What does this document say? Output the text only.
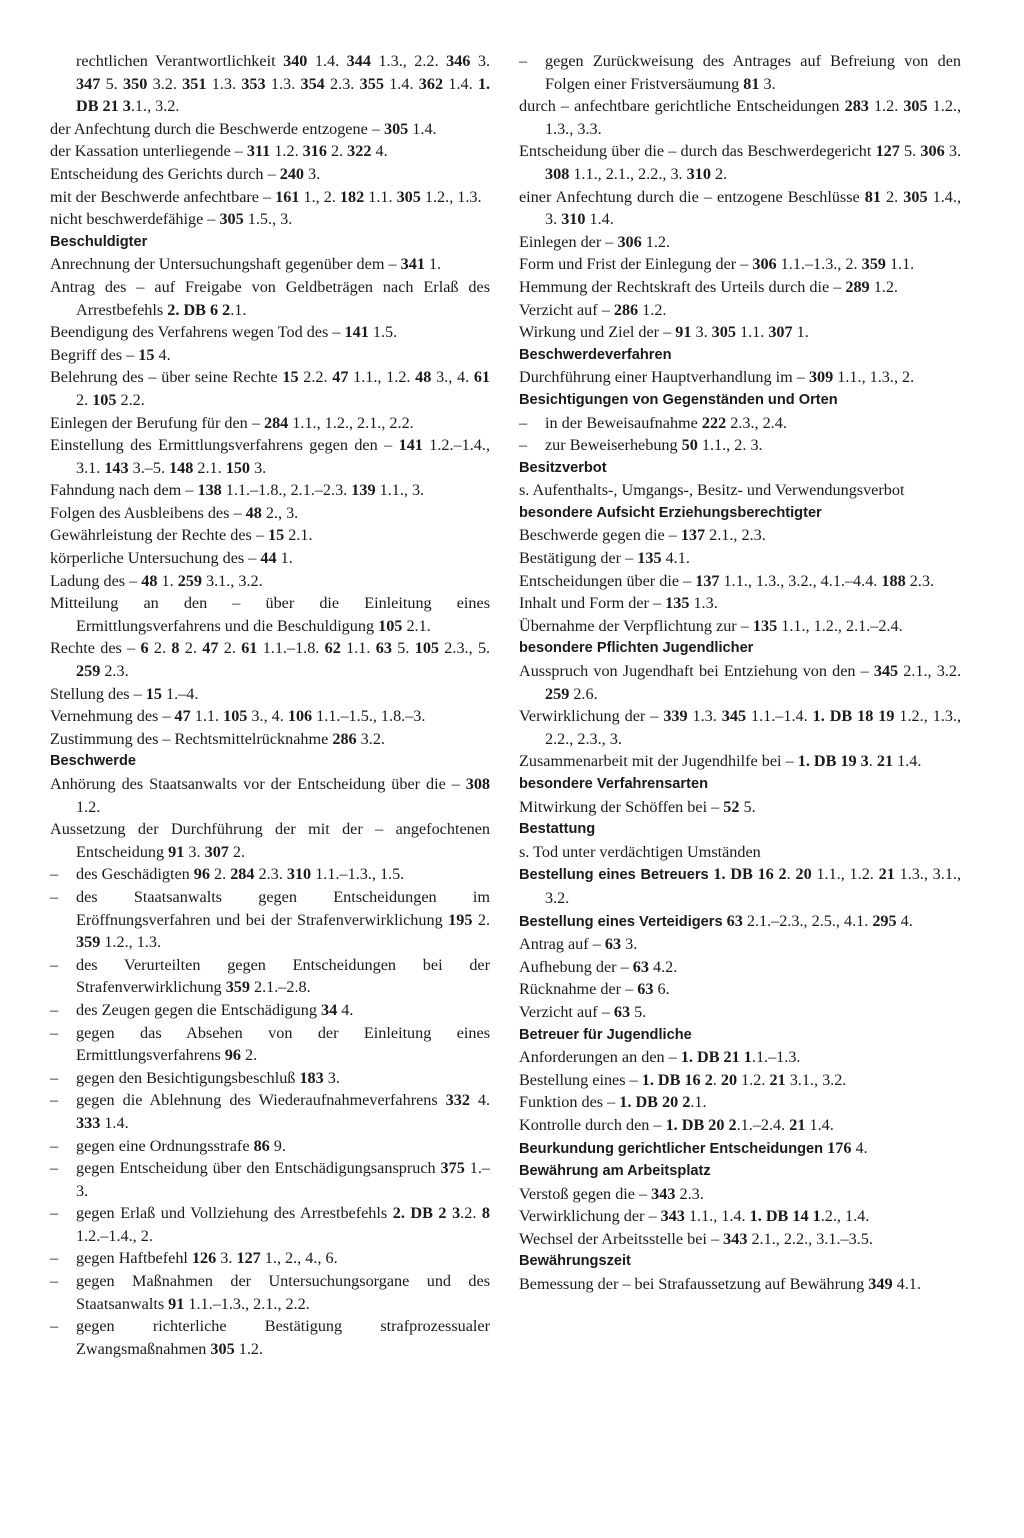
rechtlichen Verantwortlichkeit 340 1.4. 344 1.3., 2.2. 346 3. 347 5. 350 3.2. 351 1.3. 353 1.3. 354 2.3. 355 1.4. 362 1.4. 1. DB 21 3.1., 3.2.

der Anfechtung durch die Beschwerde entzogene – 305 1.4.

der Kassation unterliegende – 311 1.2. 316 2. 322 4.

Entscheidung des Gerichts durch – 240 3.

mit der Beschwerde anfechtbare – 161 1., 2. 182 1.1. 305 1.2., 1.3.

nicht beschwerdefähige – 305 1.5., 3.

Beschuldigter

Anrechnung der Untersuchungshaft gegenüber dem – 341 1.

Antrag des – auf Freigabe von Geldbeträgen nach Erlaß des Arrestbefehls 2. DB 6 2.1.

Beendigung des Verfahrens wegen Tod des – 141 1.5.

Begriff des – 15 4.

Belehrung des – über seine Rechte 15 2.2. 47 1.1., 1.2. 48 3., 4. 61 2. 105 2.2.

Einlegen der Berufung für den – 284 1.1., 1.2., 2.1., 2.2.

Einstellung des Ermittlungsverfahrens gegen den – 141 1.2.–1.4., 3.1. 143 3.–5. 148 2.1. 150 3.

Fahndung nach dem – 138 1.1.–1.8., 2.1.–2.3. 139 1.1., 3.

Folgen des Ausbleibens des – 48 2., 3.

Gewährleistung der Rechte des – 15 2.1.

körperliche Untersuchung des – 44 1.

Ladung des – 48 1. 259 3.1., 3.2.

Mitteilung an den – über die Einleitung eines Ermittlungsverfahrens und die Beschuldigung 105 2.1.

Rechte des – 6 2. 8 2. 47 2. 61 1.1.–1.8. 62 1.1. 63 5. 105 2.3., 5. 259 2.3.

Stellung des – 15 1.–4.

Vernehmung des – 47 1.1. 105 3., 4. 106 1.1.–1.5., 1.8.–3.

Zustimmung des – Rechtsmittelrücknahme 286 3.2.

Beschwerde

Anhörung des Staatsanwalts vor der Entscheidung über die – 308 1.2.

Aussetzung der Durchführung der mit der – angefochtenen Entscheidung 91 3. 307 2.

– des Geschädigten 96 2. 284 2.3. 310 1.1.–1.3., 1.5.

– des Staatsanwalts gegen Entscheidungen im Eröffnungsverfahren und bei der Strafenverwirklichung 195 2. 359 1.2., 1.3.

– des Verurteilten gegen Entscheidungen bei der Strafenverwirklichung 359 2.1.–2.8.

– des Zeugen gegen die Entschädigung 34 4.

– gegen das Absehen von der Einleitung eines Ermittlungsverfahrens 96 2.

– gegen den Besichtigungsbeschluß 183 3.

– gegen die Ablehnung des Wiederaufnahmeverfahrens 332 4. 333 1.4.

– gegen eine Ordnungsstrafe 86 9.

– gegen Entscheidung über den Entschädigungsanspruch 375 1.–3.

– gegen Erlaß und Vollziehung des Arrestbefehls 2. DB 2 3.2. 8 1.2.–1.4., 2.

– gegen Haftbefehl 126 3. 127 1., 2., 4., 6.

– gegen Maßnahmen der Untersuchungsorgane und des Staatsanwalts 91 1.1.–1.3., 2.1., 2.2.

– gegen richterliche Bestätigung strafprozessualer Zwangsmaßnahmen 305 1.2.

– gegen Zurückweisung des Antrages auf Befreiung von den Folgen einer Fristversäumung 81 3.

durch – anfechtbare gerichtliche Entscheidungen 283 1.2. 305 1.2., 1.3., 3.3.

Entscheidung über die – durch das Beschwerdegericht 127 5. 306 3. 308 1.1., 2.1., 2.2., 3. 310 2.

einer Anfechtung durch die – entzogene Beschlüsse 81 2. 305 1.4., 3. 310 1.4.

Einlegen der – 306 1.2.

Form und Frist der Einlegung der – 306 1.1.–1.3., 2. 359 1.1.

Hemmung der Rechtskraft des Urteils durch die – 289 1.2.

Verzicht auf – 286 1.2.

Wirkung und Ziel der – 91 3. 305 1.1. 307 1.

Beschwerdeverfahren

Durchführung einer Hauptverhandlung im – 309 1.1., 1.3., 2.

Besichtigungen von Gegenständen und Orten

– in der Beweisaufnahme 222 2.3., 2.4.

– zur Beweiserhebung 50 1.1., 2. 3.

Besitzverbot

s. Aufenthalts-, Umgangs-, Besitz- und Verwendungsverbot

besondere Aufsicht Erziehungsberechtigter

Beschwerde gegen die – 137 2.1., 2.3.

Bestätigung der – 135 4.1.

Entscheidungen über die – 137 1.1., 1.3., 3.2., 4.1.–4.4. 188 2.3.

Inhalt und Form der – 135 1.3.

Übernahme der Verpflichtung zur – 135 1.1., 1.2., 2.1.–2.4.

besondere Pflichten Jugendlicher

Ausspruch von Jugendhaft bei Entziehung von den – 345 2.1., 3.2. 259 2.6.

Verwirklichung der – 339 1.3. 345 1.1.–1.4. 1. DB 18 19 1.2., 1.3., 2.2., 2.3., 3.

Zusammenarbeit mit der Jugendhilfe bei – 1. DB 19 3. 21 1.4.

besondere Verfahrensarten

Mitwirkung der Schöffen bei – 52 5.

Bestattung

s. Tod unter verdächtigen Umständen

Bestellung eines Betreuers 1. DB 16 2. 20 1.1., 1.2. 21 1.3., 3.1., 3.2.

Bestellung eines Verteidigers 63 2.1.–2.3., 2.5., 4.1. 295 4.

Antrag auf – 63 3.

Aufhebung der – 63 4.2.

Rücknahme der – 63 6.

Verzicht auf – 63 5.

Betreuer für Jugendliche

Anforderungen an den – 1. DB 21 1.1.–1.3.

Bestellung eines – 1. DB 16 2. 20 1.2. 21 3.1., 3.2.

Funktion des – 1. DB 20 2.1.

Kontrolle durch den – 1. DB 20 2.1.–2.4. 21 1.4.

Beurkundung gerichtlicher Entscheidungen 176 4.

Bewährung am Arbeitsplatz

Verstoß gegen die – 343 2.3.

Verwirklichung der – 343 1.1., 1.4. 1. DB 14 1.2., 1.4.

Wechsel der Arbeitsstelle bei – 343 2.1., 2.2., 3.1.–3.5.

Bewährungszeit

Bemessung der – bei Strafaussetzung auf Bewährung 349 4.1.
